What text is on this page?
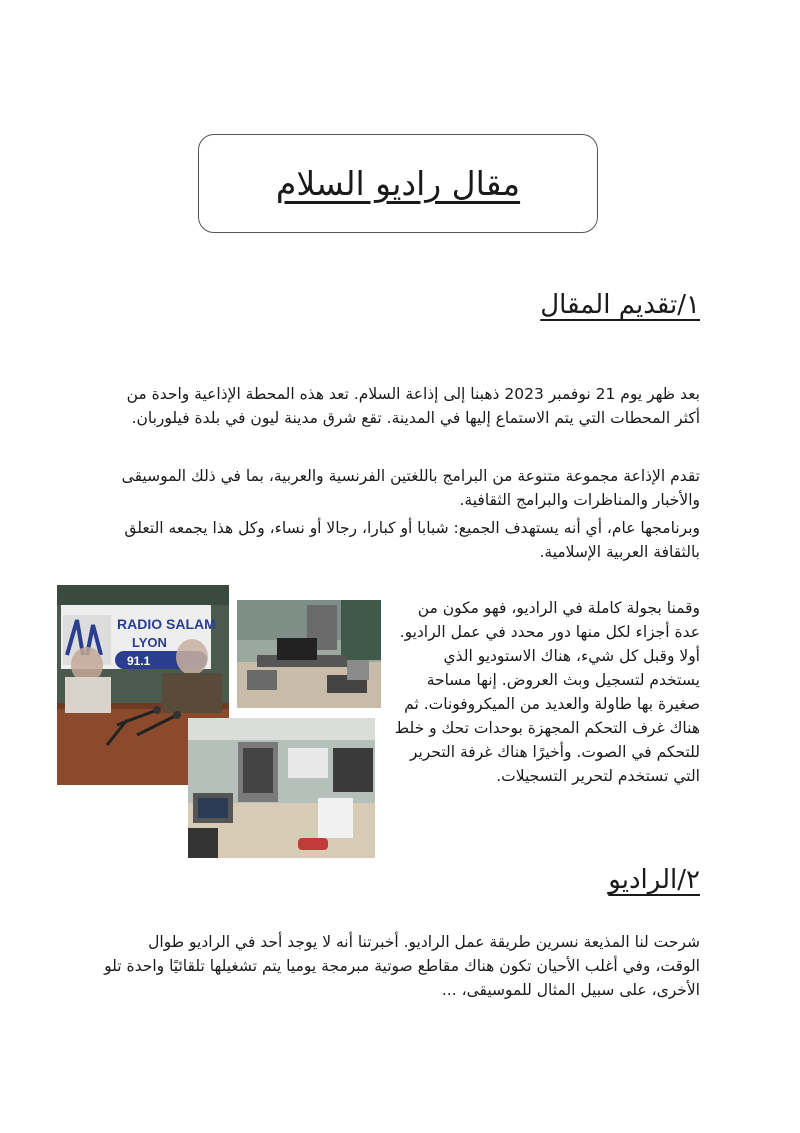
مقال راديو السلام
١/تقديم المقال

بعد ظهر يوم 21 نوفمبر 2023 ذهبنا إلى إذاعة السلام. تعد هذه المحطة الإذاعية واحدة من أكثر المحطات التي يتم الاستماع إليها في المدينة. تقع شرق مدينة ليون في بلدة فيلوربان.

تقدم الإذاعة مجموعة متنوعة من البرامج باللغتين الفرنسية والعربية، بما في ذلك الموسيقى والأخبار والمناظرات والبرامج الثقافية.

وبرنامجها عام، أي أنه يستهدف الجميع: شبابا أو كبارا، رجالا أو نساء، وكل هذا يجمعه التعلق بالثقافة العربية الإسلامية.

وقمنا بجولة كاملة في الراديو، فهو مكون من عدة أجزاء لكل منها دور محدد في عمل الراديو. أولا وقبل كل شيء، هناك الاستوديو الذي يستخدم لتسجيل وبث العروض. إنها مساحة صغيرة بها طاولة والعديد من الميكروفونات. ثم هناك غرف التحكم المجهزة بوحدات تحك و خلط للتحكم في الصوت. وأخيرًا هناك غرفة التحرير التي تستخدم لتحرير التسجيلات.

RADIO SALAM
LYON
91.1
٢/الراديو

شرحت لنا المذيعة نسرين طريقة عمل الراديو. أخبرتنا أنه لا يوجد أحد في الراديو طوال الوقت، وفي أغلب الأحيان تكون هناك مقاطع صوتية مبرمجة يوميا يتم تشغيلها تلقائيًا واحدة تلو الأخرى، على سبيل المثال للموسيقى، ...
